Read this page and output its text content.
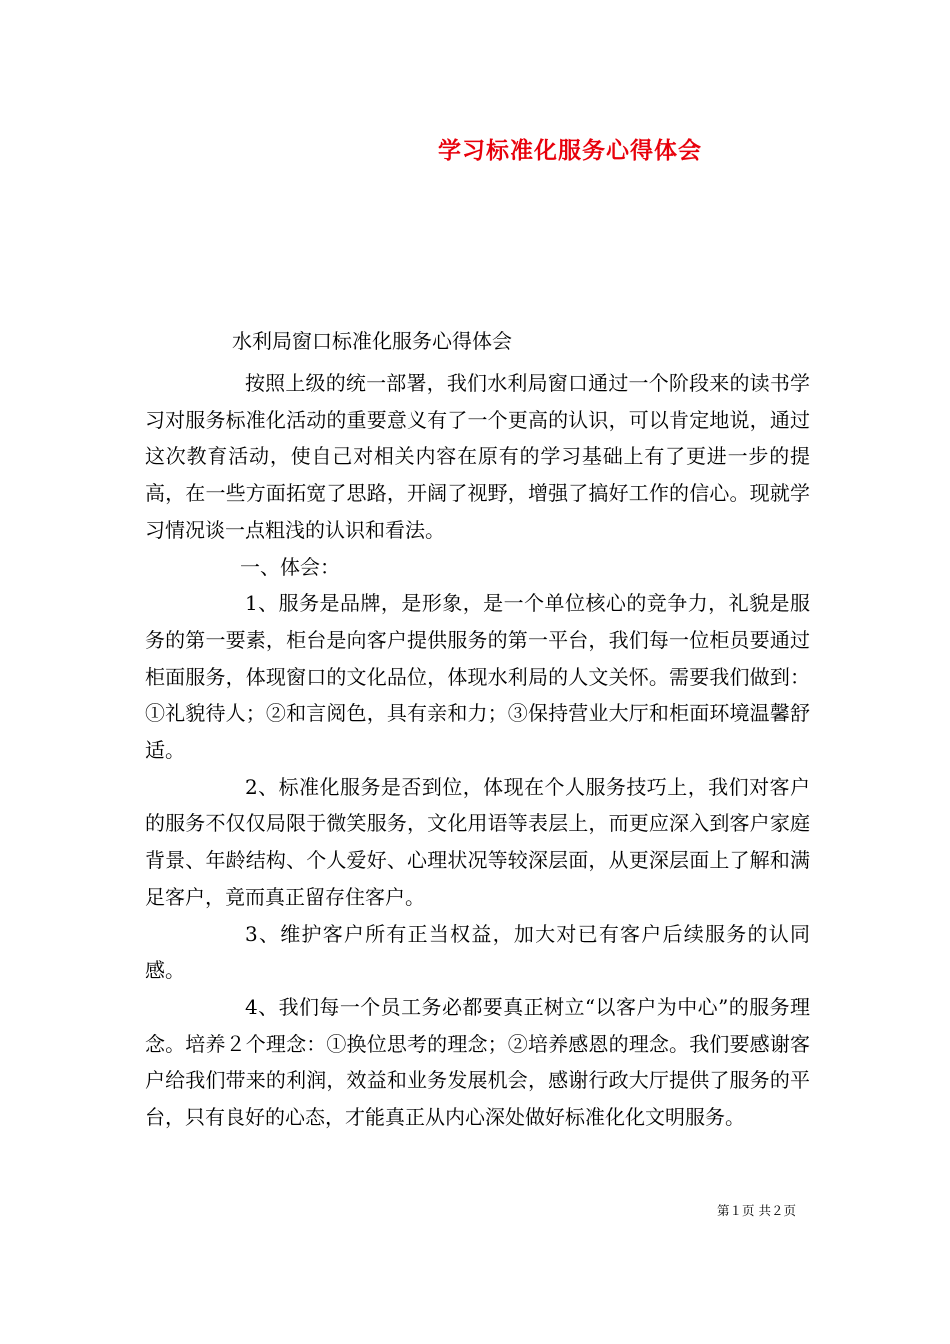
学习标准化服务心得体会
水利局窗口标准化服务心得体会

按照上级的统一部署，我们水利局窗口通过一个阶段来的读书学习对服务标准化活动的重要意义有了一个更高的认识，可以肯定地说，通过这次教育活动，使自己对相关内容在原有的学习基础上有了更进一步的提高，在一些方面拓宽了思路，开阔了视野，增强了搞好工作的信心。现就学习情况谈一点粗浅的认识和看法。

一、体会：

1、服务是品牌，是形象，是一个单位核心的竞争力，礼貌是服务的第一要素，柜台是向客户提供服务的第一平台，我们每一位柜员要通过柜面服务，体现窗口的文化品位，体现水利局的人文关怀。需要我们做到：①礼貌待人；②和言阅色，具有亲和力；③保持营业大厅和柜面环境温馨舒适。

2、标准化服务是否到位，体现在个人服务技巧上，我们对客户的服务不仅仅局限于微笑服务，文化用语等表层上，而更应深入到客户家庭背景、年龄结构、个人爱好、心理状况等较深层面，从更深层面上了解和满足客户，竟而真正留存住客户。

3、维护客户所有正当权益，加大对已有客户后续服务的认同感。

4、我们每一个员工务必都要真正树立“以客户为中心”的服务理念。培养２个理念：①换位思考的理念；②培养感恩的理念。我们要感谢客户给我们带来的利润，效益和业务发展机会，感谢行政大厅提供了服务的平台，只有良好的心态，才能真正从内心深处做好标准化化文明服务。

第１页 共２页
